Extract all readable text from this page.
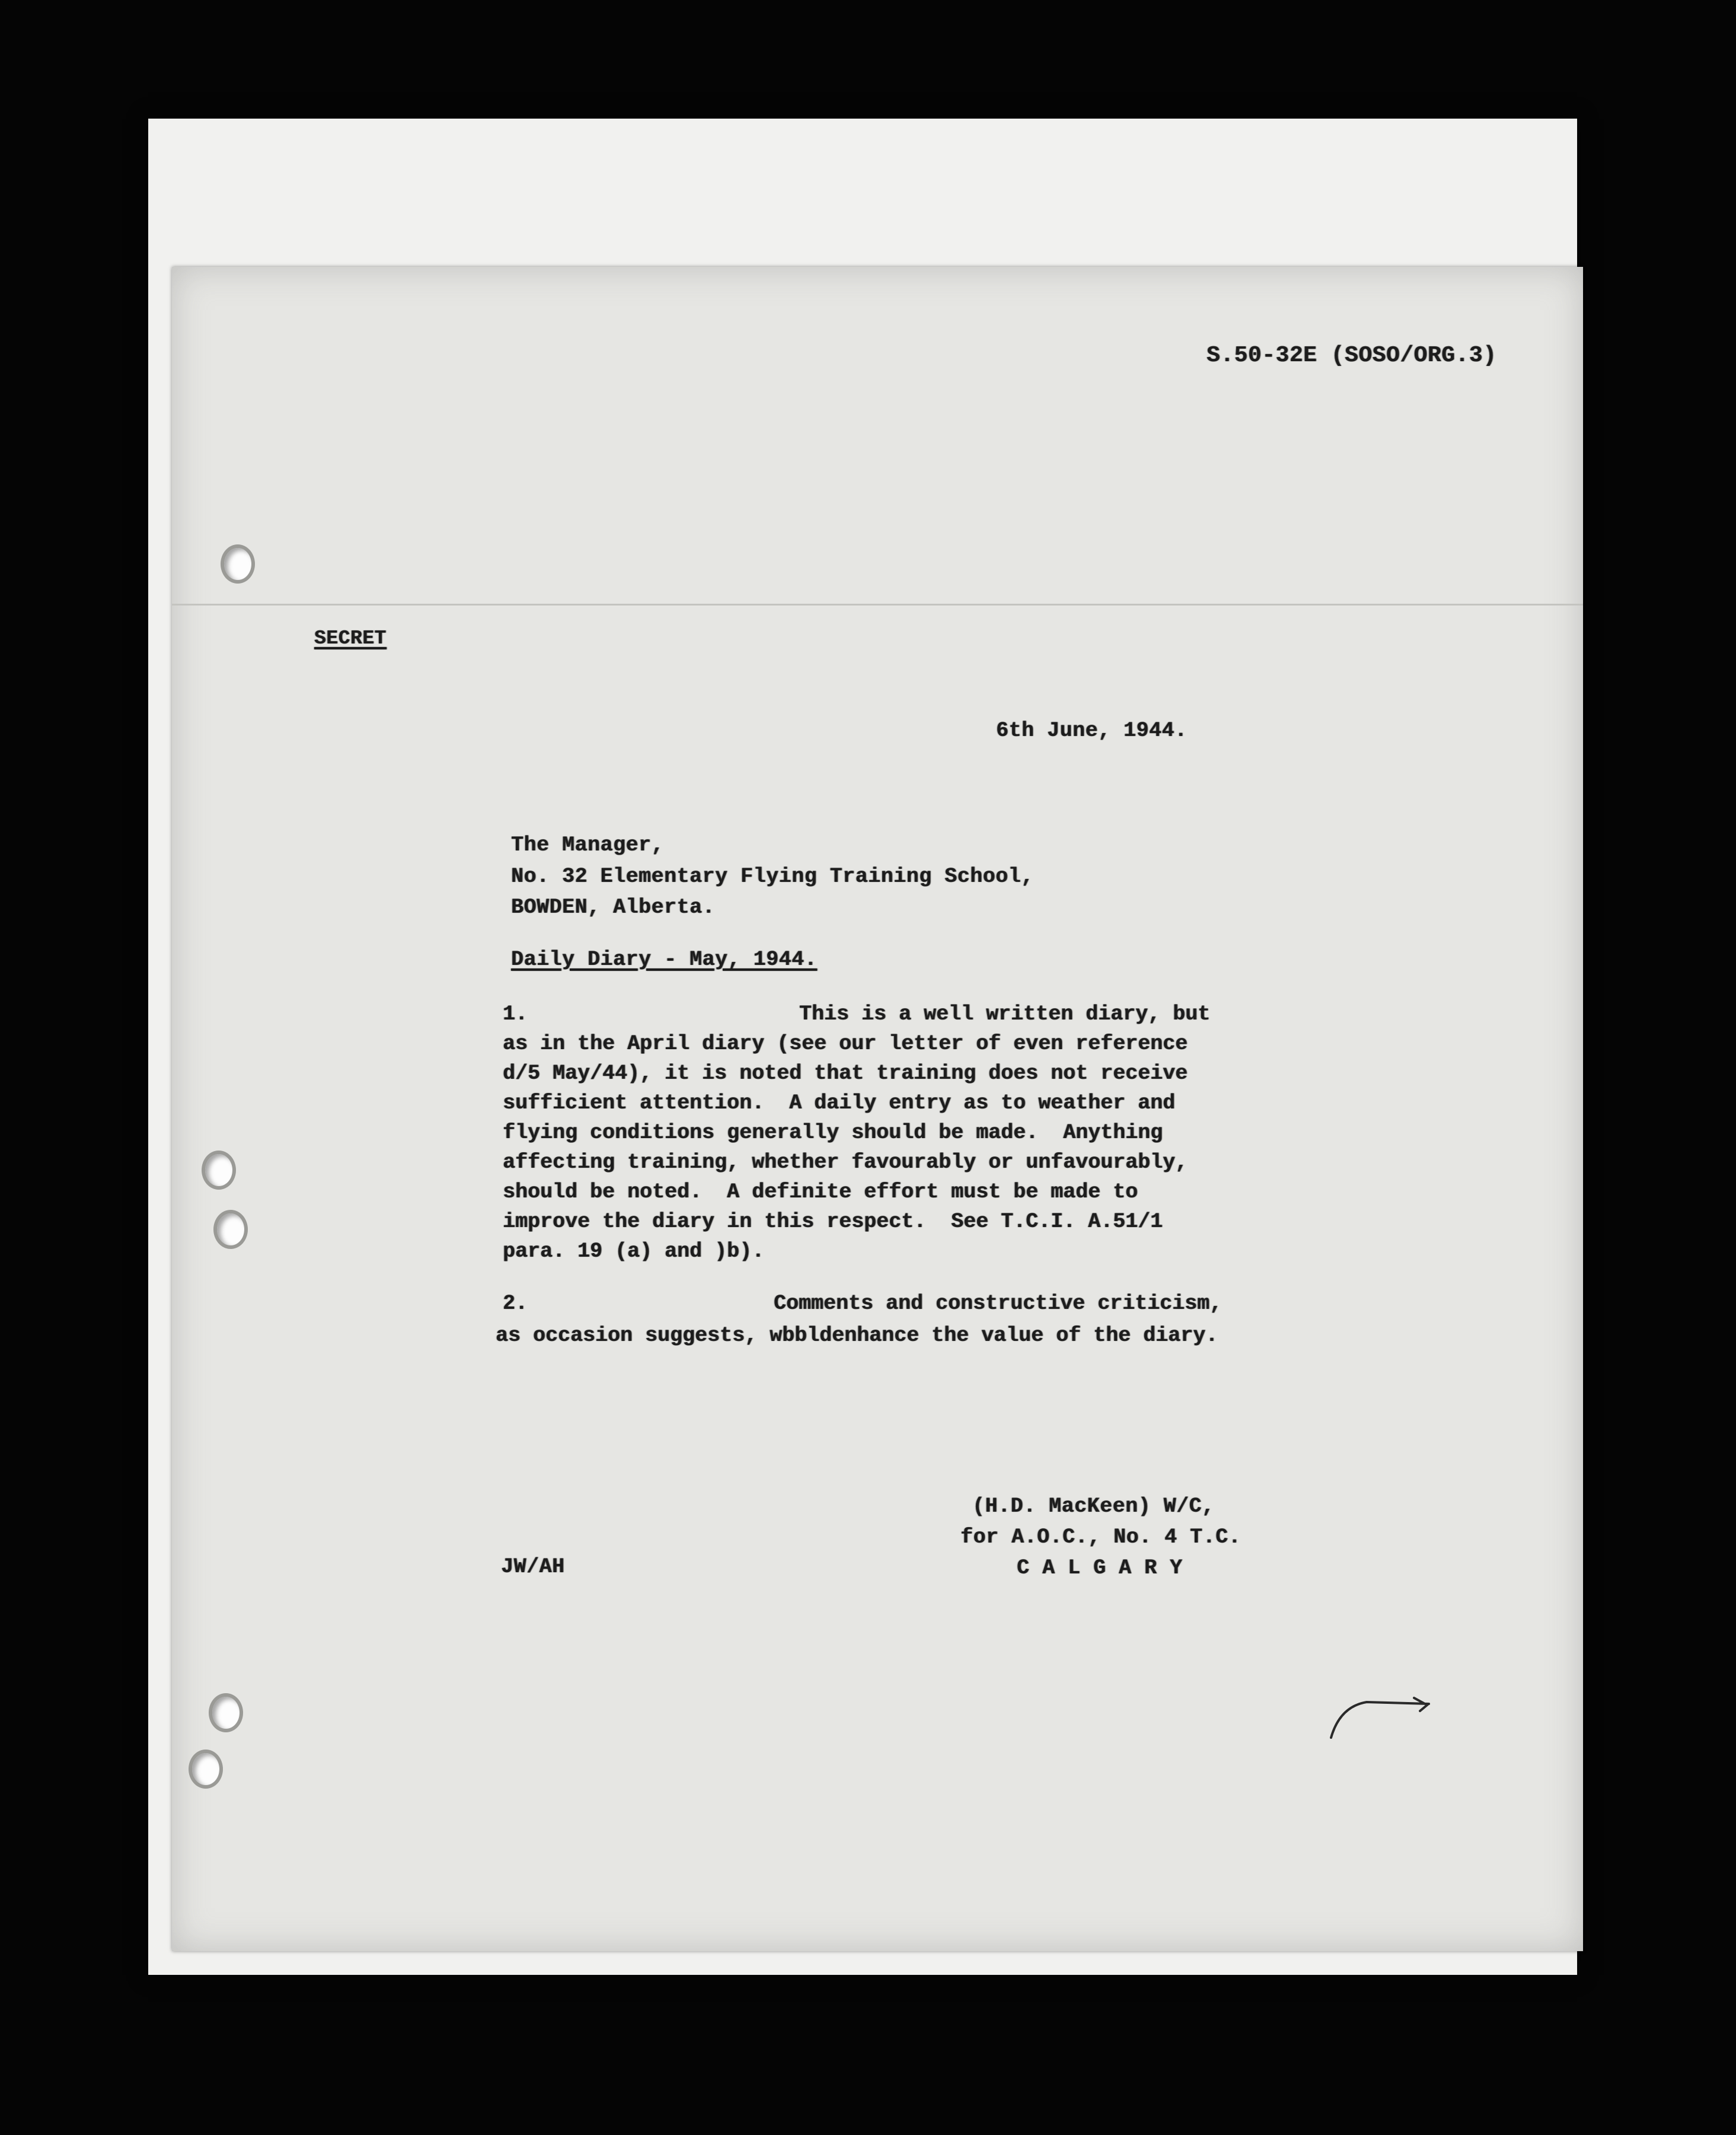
S.50-32E (SOSO/ORG.3)

SECRET

6th June, 1944.

The Manager,

No. 32 Elementary Flying Training School,

BOWDEN, Alberta.

Daily Diary - May, 1944.

1.	This is a well written diary, but

as in the April diary (see our letter of even reference

d/5 May/44), it is noted that training does not receive

sufficient attention.  A daily entry as to weather and

flying conditions generally should be made.  Anything

affecting training, whether favourably or unfavourably,

should be noted.  A definite effort must be made to

improve the diary in this respect.  See T.C.I. A.51/1

para. 19 (a) and )b).

2.	Comments and constructive criticism,

as occasion suggests, wbbldenhance the value of the diary.

(H.D. MacKeen) W/C,

for A.O.C., No. 4 T.C.

C A L G A R Y

JW/AH
